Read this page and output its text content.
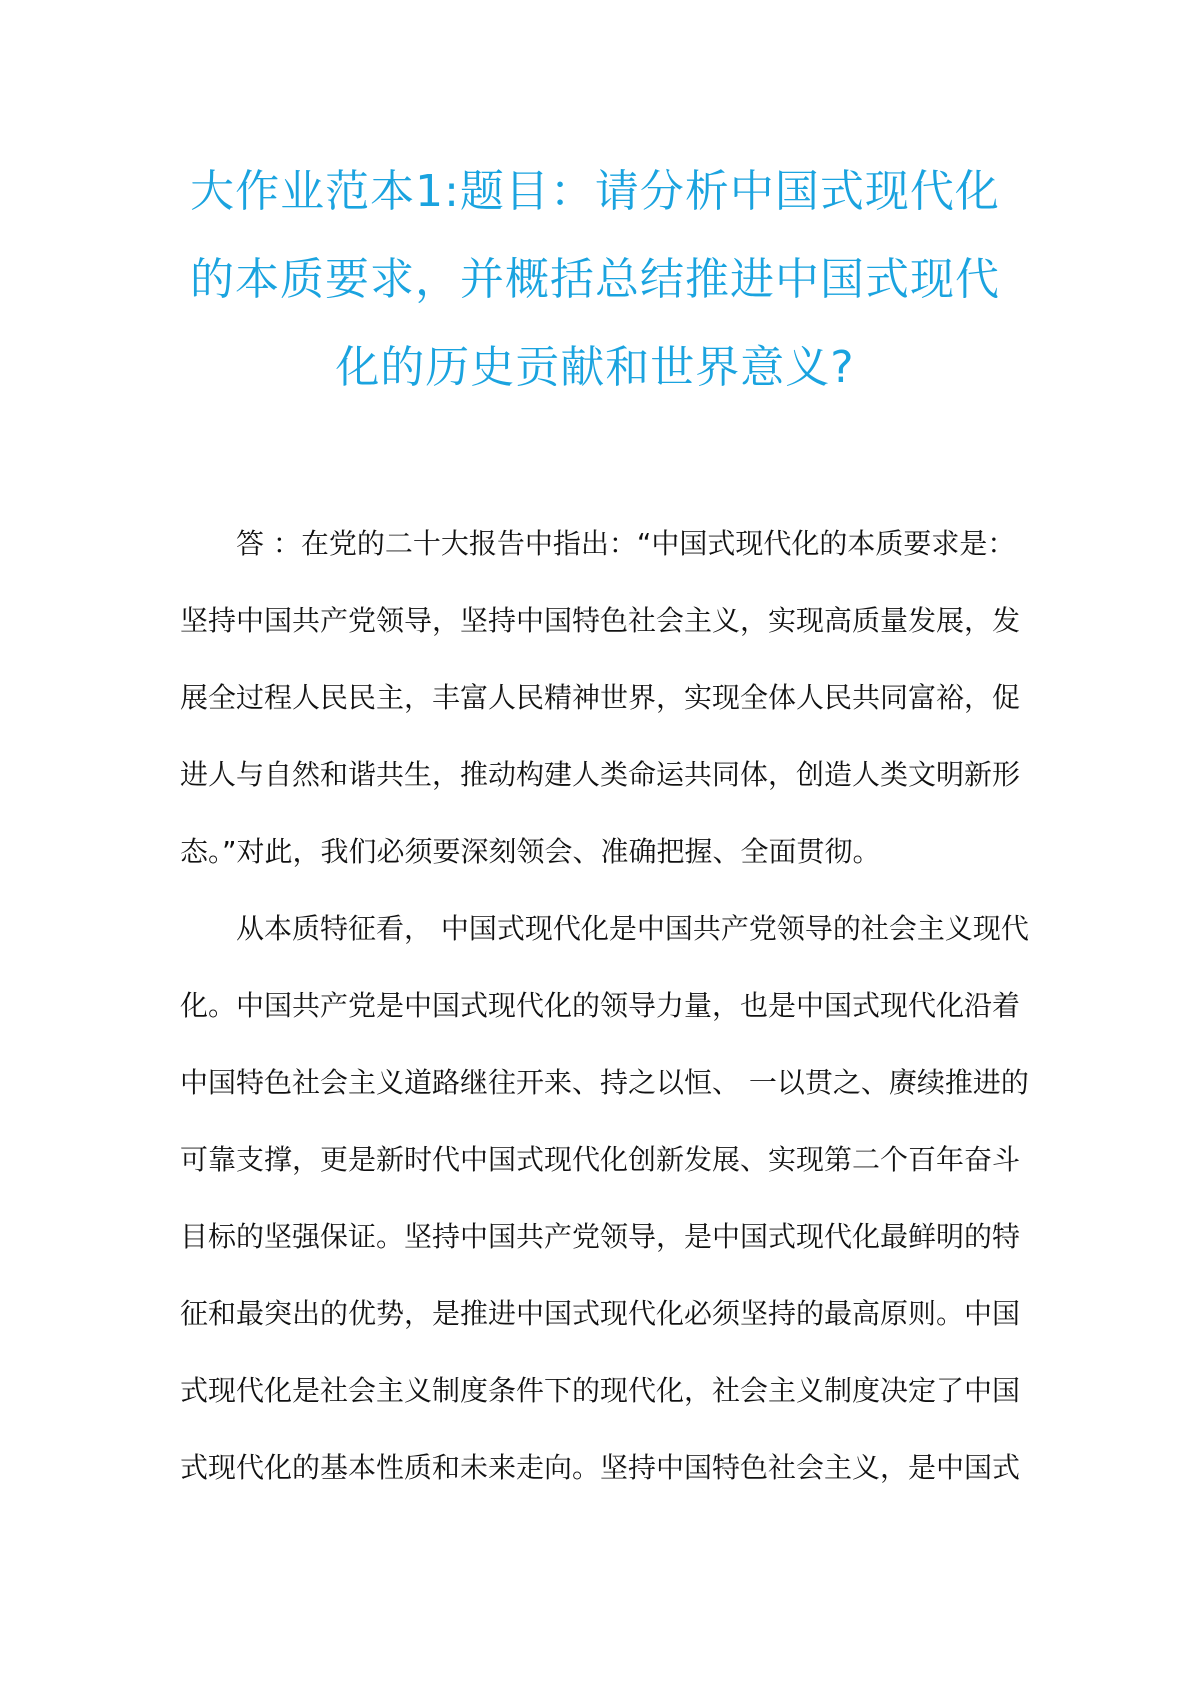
大作业范本1:题目：请分析中国式现代化
的本质要求，并概括总结推进中国式现代
化的历史贡献和世界意义?
答 ：在党的二十大报告中指出：“中国式现代化的本质要求是：
坚持中国共产党领导，坚持中国特色社会主义，实现高质量发展，发
展全过程人民民主，丰富人民精神世界，实现全体人民共同富裕，促
进人与自然和谐共生，推动构建人类命运共同体，创造人类文明新形
态。”对此，我们必须要深刻领会、准确把握、全面贯彻。
从本质特征看， 中国式现代化是中国共产党领导的社会主义现代
化。中国共产党是中国式现代化的领导力量，也是中国式现代化沿着
中国特色社会主义道路继往开来、持之以恒、 一以贯之、赓续推进的
可靠支撑，更是新时代中国式现代化创新发展、实现第二个百年奋斗
目标的坚强保证。坚持中国共产党领导，是中国式现代化最鲜明的特
征和最突出的优势，是推进中国式现代化必须坚持的最高原则。中国
式现代化是社会主义制度条件下的现代化，社会主义制度决定了中国
式现代化的基本性质和未来走向。坚持中国特色社会主义，是中国式
